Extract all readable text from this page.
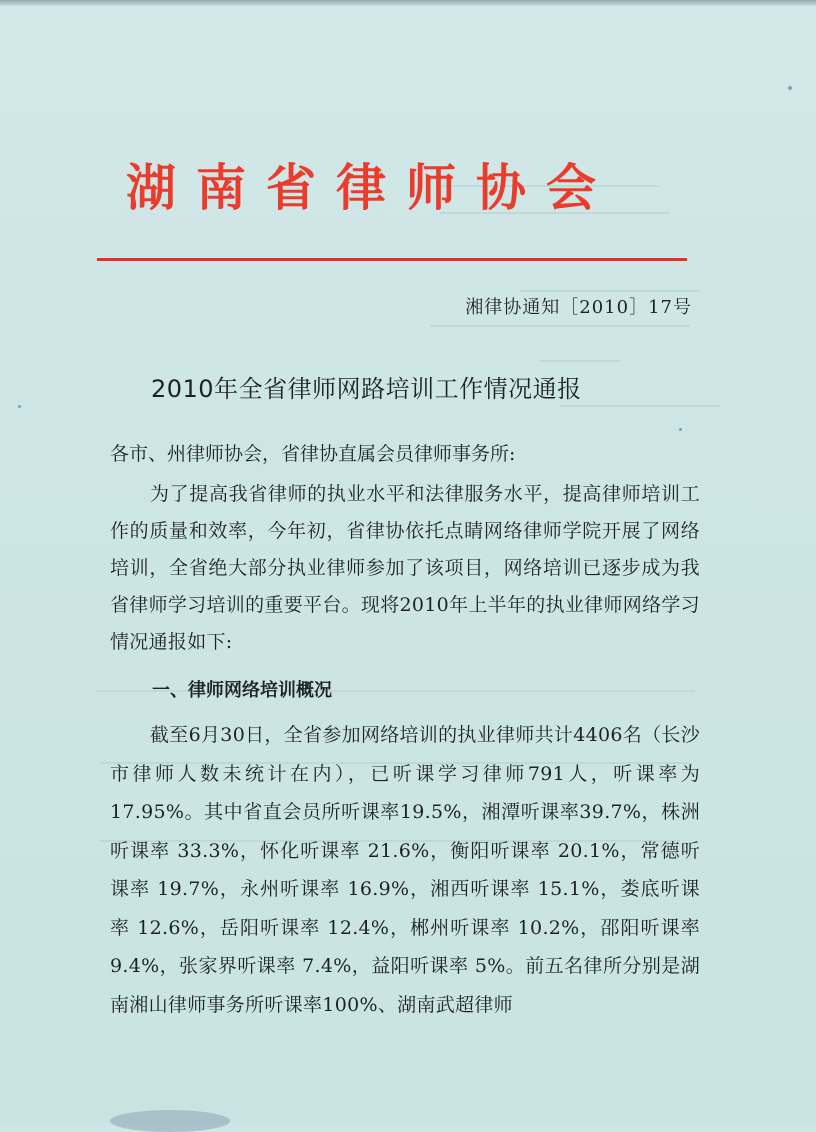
湖南省律师协会
湘律协通知［2010］17号
2010年全省律师网路培训工作情况通报
各市、州律师协会，省律协直属会员律师事务所:

为了提高我省律师的执业水平和法律服务水平，提高律师培训工作的质量和效率，今年初，省律协依托点睛网络律师学院开展了网络培训，全省绝大部分执业律师参加了该项目，网络培训已逐步成为我省律师学习培训的重要平台。现将2010年上半年的执业律师网络学习情况通报如下:

一、律师网络培训概况

截至6月30日，全省参加网络培训的执业律师共计4406名（长沙市律师人数未统计在内），已听课学习律师791人，听课率为17.95%。其中省直会员所听课率19.5%，湘潭听课率39.7%，株洲听课率 33.3%，怀化听课率 21.6%，衡阳听课率 20.1%，常德听课率 19.7%，永州听课率 16.9%，湘西听课率 15.1%，娄底听课率 12.6%，岳阳听课率 12.4%，郴州听课率 10.2%，邵阳听课率 9.4%，张家界听课率 7.4%，益阳听课率 5%。前五名律所分别是湖南湘山律师事务所听课率100%、湖南武超律师
